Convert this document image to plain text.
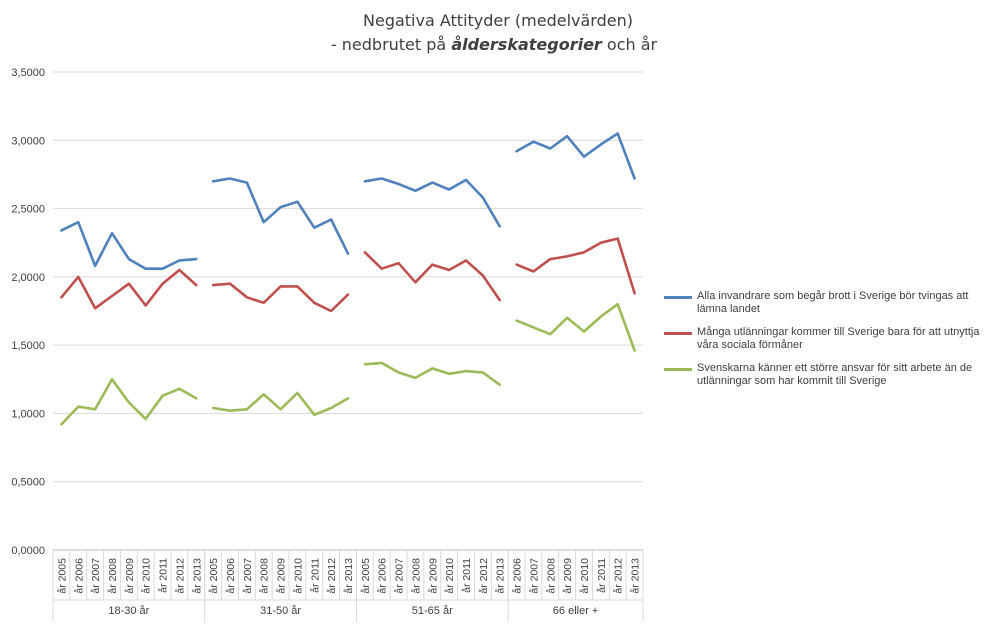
Negativa Attityder (medelvärden)
- nedbrutet på ålderskategorier och år
0,0000
0,5000
1,0000
1,5000
2,0000
2,5000
3,0000
3,5000
år 2005 år 2006 år 2007 år 2008 år 2009 år 2010 år 2011 år 2012 år 2013 år 2005 år 2006 år 2007 år 2008 år 2009 år 2010 år 2011 år 2012 år 2013 år 2005 år 2006 år 2007 år 2008 år 2009 år 2010 år 2011 år 2012 år 2013 år 2006 år 2007 år 2008 år 2009 år 2010 år 2011 år 2012 år 2013
18-30 år	31-50 år	51-65 år	66 eller +
Alla invandrare som begår brott i Sverige bör tvingas att lämna landet
Många utlänningar kommer till Sverige bara för att utnyttja våra sociala förmåner
Svenskarna känner ett större ansvar för sitt arbete än de utlänningar som har kommit till Sverige
